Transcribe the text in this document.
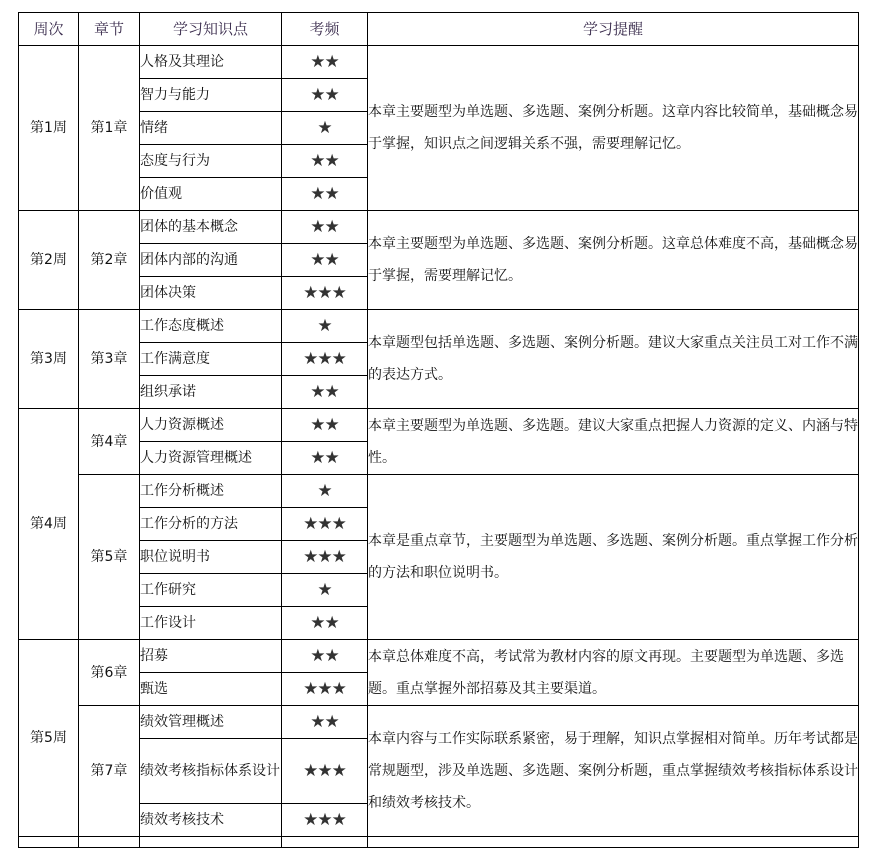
周次	章节	学习知识点	考频	学习提醒
第1周	第1章	人格及其理论	★★	本章主要题型为单选题、多选题、案例分析题。这章内容比较简单，基础概念易于掌握，知识点之间逻辑关系不强，需要理解记忆。
		智力与能力	★★	
		情绪	★	
		态度与行为	★★	
		价值观	★★	
第2周	第2章	团体的基本概念	★★	本章主要题型为单选题、多选题、案例分析题。这章总体难度不高，基础概念易于掌握，需要理解记忆。
		团体内部的沟通	★★	
		团体决策	★★★	
第3周	第3章	工作态度概述	★	本章题型包括单选题、多选题、案例分析题。建议大家重点关注员工对工作不满的表达方式。
		工作满意度	★★★	
		组织承诺	★★	
第4周	第4章	人力资源概述	★★	本章主要题型为单选题、多选题。建议大家重点把握人力资源的定义、内涵与特性。
		人力资源管理概述	★★	
	第5章	工作分析概述	★	本章是重点章节，主要题型为单选题、多选题、案例分析题。重点掌握工作分析的方法和职位说明书。
		工作分析的方法	★★★	
		职位说明书	★★★	
		工作研究	★	
		工作设计	★★	
第5周	第6章	招募	★★	本章总体难度不高，考试常为教材内容的原文再现。主要题型为单选题、多选题。重点掌握外部招募及其主要渠道。
		甄选	★★★	
	第7章	绩效管理概述	★★	本章内容与工作实际联系紧密，易于理解，知识点掌握相对简单。历年考试都是常规题型，涉及单选题、多选题、案例分析题，重点掌握绩效考核指标体系设计和绩效考核技术。
		绩效考核指标体系设计	★★★	
		绩效考核技术	★★★	
